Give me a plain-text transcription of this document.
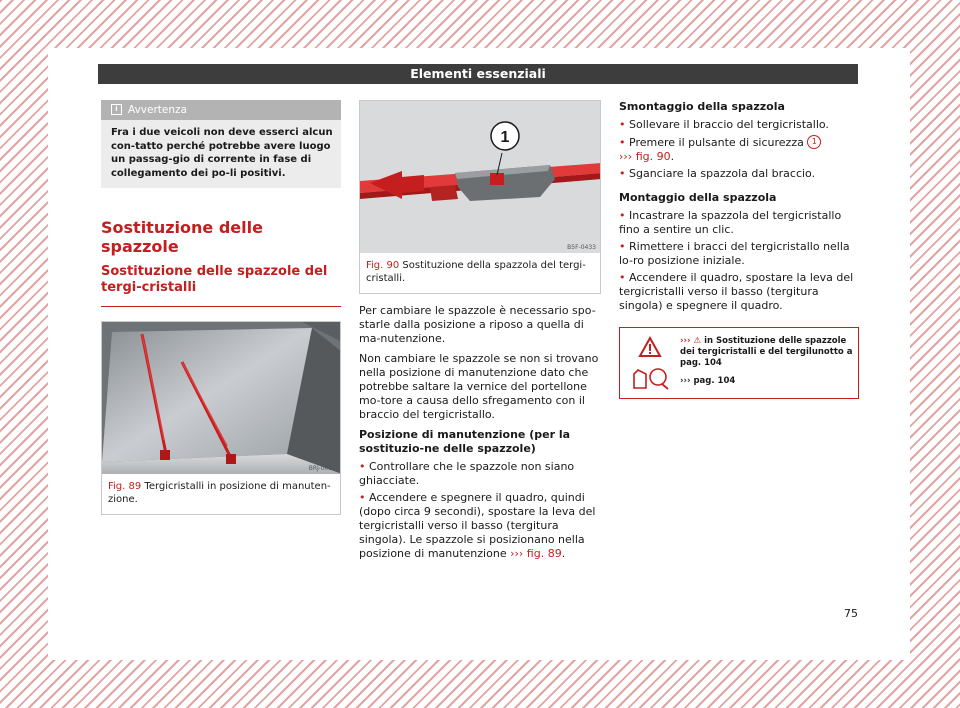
Elementi essenziali
i Avvertenza
Fra i due veicoli non deve esserci alcun con-tatto perché potrebbe avere luogo un passag-gio di corrente in fase di collegamento dei po-li positivi.
Sostituzione delle spazzole
Sostituzione delle spazzole del tergi-cristalli
BRJ-0033
Fig. 89 Tergicristalli in posizione di manuten-zione.
1
B5F-0433
Fig. 90 Sostituzione della spazzola del tergi-cristalli.

Per cambiare le spazzole è necessario spo-starle dalla posizione a riposo a quella di ma-nutenzione.

Non cambiare le spazzole se non si trovano nella posizione di manutenzione dato che potrebbe saltare la vernice del portellone mo-tore a causa dello sfregamento con il braccio del tergicristallo.

Posizione di manutenzione (per la sostituzio-ne delle spazzole)
• Controllare che le spazzole non siano ghiacciate.
• Accendere e spegnere il quadro, quindi (dopo circa 9 secondi), spostare la leva del tergicristalli verso il basso (tergitura singola). Le spazzole si posizionano nella posizione di manutenzione ››› fig. 89.
Smontaggio della spazzola
• Sollevare il braccio del tergicristallo.
• Premere il pulsante di sicurezza 1
››› fig. 90.
• Sganciare la spazzola dal braccio.
Montaggio della spazzola
• Incastrare la spazzola del tergicristallo fino a sentire un clic.
• Rimettere i bracci del tergicristallo nella lo-ro posizione iniziale.
• Accendere il quadro, spostare la leva del tergicristalli verso il basso (tergitura singola) e spegnere il quadro.
››› ⚠ in Sostituzione delle spazzole dei tergicristalli e del tergilunotto a pag. 104
››› pag. 104
75
